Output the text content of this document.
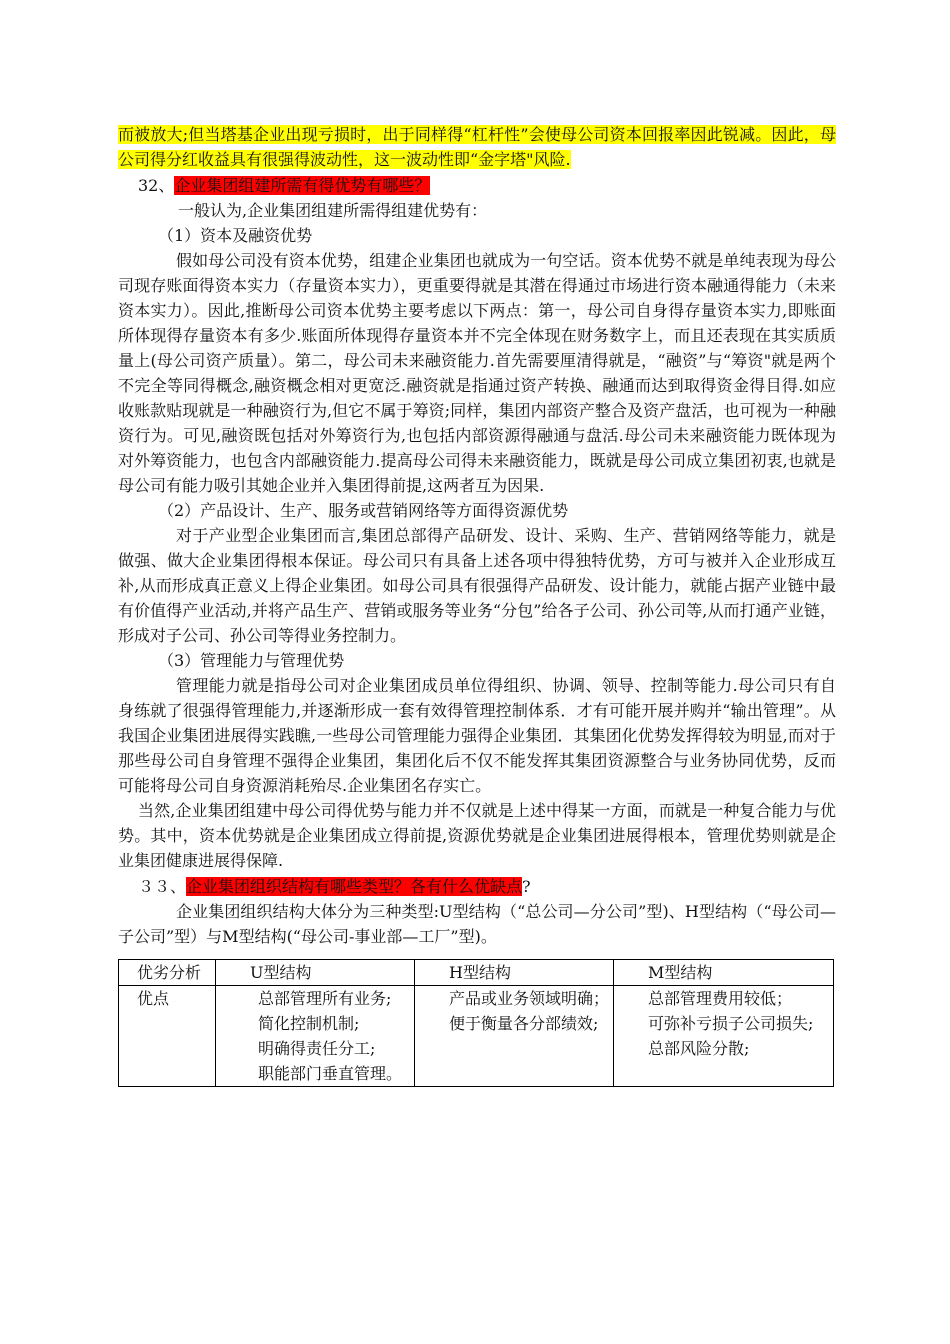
而被放大;但当塔基企业出现亏损时，出于同样得“杠杆性”会使母公司资本回报率因此锐减。因此，母公司得分红收益具有很强得波动性，这一波动性即“金字塔"风险.

32、企业集团组建所需有得优势有哪些？

一般认为,企业集团组建所需得组建优势有：

（1）资本及融资优势

假如母公司没有资本优势，组建企业集团也就成为一句空话。资本优势不就是单纯表现为母公司现存账面得资本实力（存量资本实力），更重要得就是其潜在得通过市场进行资本融通得能力（未来资本实力）。因此,推断母公司资本优势主要考虑以下两点：第一，母公司自身得存量资本实力,即账面所体现得存量资本有多少.账面所体现得存量资本并不完全体现在财务数字上，而且还表现在其实质质量上(母公司资产质量）。第二，母公司未来融资能力.首先需要厘清得就是，“融资”与“筹资"就是两个不完全等同得概念,融资概念相对更宽泛.融资就是指通过资产转换、融通而达到取得资金得目得.如应收账款贴现就是一种融资行为,但它不属于筹资;同样，集团内部资产整合及资产盘活，也可视为一种融资行为。可见,融资既包括对外筹资行为,也包括内部资源得融通与盘活.母公司未来融资能力既体现为对外筹资能力，也包含内部融资能力.提高母公司得未来融资能力，既就是母公司成立集团初衷,也就是母公司有能力吸引其她企业并入集团得前提,这两者互为因果.

（2）产品设计、生产、服务或营销网络等方面得资源优势

对于产业型企业集团而言,集团总部得产品研发、设计、采购、生产、营销网络等能力，就是做强、做大企业集团得根本保证。母公司只有具备上述各项中得独特优势，方可与被并入企业形成互补,从而形成真正意义上得企业集团。如母公司具有很强得产品研发、设计能力，就能占据产业链中最有价值得产业活动,并将产品生产、营销或服务等业务“分包”给各子公司、孙公司等,从而打通产业链，形成对子公司、孙公司等得业务控制力。

（3）管理能力与管理优势

管理能力就是指母公司对企业集团成员单位得组织、协调、领导、控制等能力.母公司只有自身练就了很强得管理能力,并逐渐形成一套有效得管理控制体系．才有可能开展并购并“输出管理”。从我国企业集团进展得实践瞧,一些母公司管理能力强得企业集团．其集团化优势发挥得较为明显,而对于那些母公司自身管理不强得企业集团，集团化后不仅不能发挥其集团资源整合与业务协同优势，反而可能将母公司自身资源消耗殆尽.企业集团名存实亡。

当然,企业集团组建中母公司得优势与能力并不仅就是上述中得某一方面，而就是一种复合能力与优势。其中，资本优势就是企业集团成立得前提,资源优势就是企业集团进展得根本，管理优势则就是企业集团健康进展得保障.

３３、企业集团组织结构有哪些类型？各有什么优缺点?

企业集团组织结构大体分为三种类型:U型结构（“总公司—分公司”型)、H型结构（“母公司—子公司”型）与M型结构(“母公司-事业部—工厂”型)。

优劣分析	U型结构	H型结构	M型结构

优点	总部管理所有业务;
简化控制机制;
明确得责任分工;
职能部门垂直管理。	产品或业务领域明确；
便于衡量各分部绩效;	总部管理费用较低；
可弥补亏损子公司损失;
总部风险分散;
